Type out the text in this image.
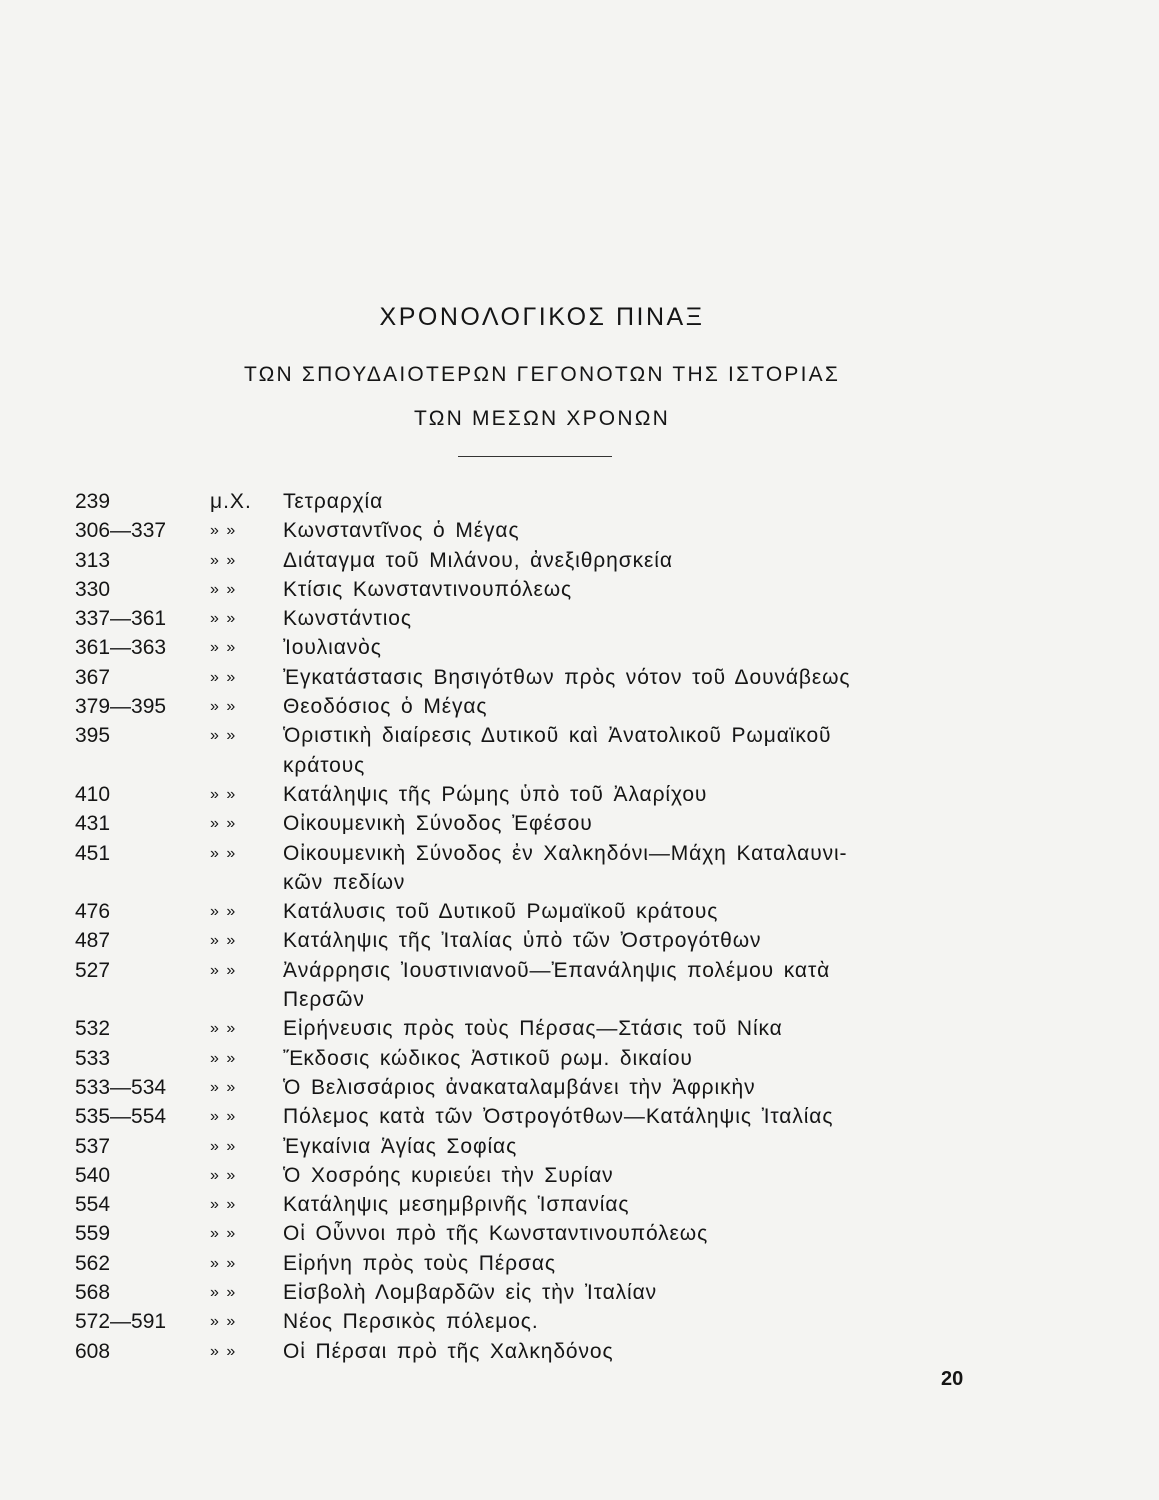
ΧΡΟΝΟΛΟΓΙΚΟΣ ΠΙΝΑΞ
ΤΩΝ ΣΠΟΥΔΑΙΟΤΕΡΩΝ ΓΕΓΟΝΟΤΩΝ ΤΗΣ ΙΣΤΟΡΙΑΣ
ΤΩΝ ΜΕΣΩΝ ΧΡΟΝΩΝ
239	μ.Χ.	Τετραρχία
306—337	» »	Κωνσταντῖνος ὁ Μέγας
313	» »	Διάταγμα τοῦ Μιλάνου, ἀνεξιθρησκεία
330	» »	Κτίσις Κωνσταντινουπόλεως
337—361	» »	Κωνστάντιος
361—363	» »	Ἰουλιανὸς
367	» »	Ἐγκατάστασις Βησιγότθων πρὸς νότον τοῦ Δουνάβεως
379—395	» »	Θεοδόσιος ὁ Μέγας
395	» »	Ὁριστικὴ διαίρεσις Δυτικοῦ καὶ Ἀνατολικοῦ Ρωμαϊκοῦ
κράτους
410	» »	Κατάληψις τῆς Ρώμης ὑπὸ τοῦ Ἀλαρίχου
431	» »	Οἰκουμενικὴ Σύνοδος Ἐφέσου
451	» »	Οἰκουμενικὴ Σύνοδος ἐν Χαλκηδόνι—Μάχη Καταλαυνι-
κῶν πεδίων
476	» »	Κατάλυσις τοῦ Δυτικοῦ Ρωμαϊκοῦ κράτους
487	» »	Κατάληψις τῆς Ἰταλίας ὑπὸ τῶν Ὀστρογότθων
527	» »	Ἀνάρρησις Ἰουστινιανοῦ—Ἐπανάληψις πολέμου κατὰ
Περσῶν
532	» »	Εἰρήνευσις πρὸς τοὺς Πέρσας—Στάσις τοῦ Νίκα
533	» »	Ἔκδοσις κώδικος Ἀστικοῦ ρωμ. δικαίου
533—534	» »	Ὁ Βελισσάριος ἀνακαταλαμβάνει τὴν Ἀφρικὴν
535—554	» »	Πόλεμος κατὰ τῶν Ὀστρογότθων—Κατάληψις Ἰταλίας
537	» »	Ἐγκαίνια Ἁγίας Σοφίας
540	» »	Ὁ Χοσρόης κυριεύει τὴν Συρίαν
554	» »	Κατάληψις μεσημβρινῆς Ἱσπανίας
559	» »	Οἱ Οὖννοι πρὸ τῆς Κωνσταντινουπόλεως
562	» »	Εἰρήνη πρὸς τοὺς Πέρσας
568	» »	Εἰσβολὴ Λομβαρδῶν εἰς τὴν Ἰταλίαν
572—591	» »	Νέος Περσικὸς πόλεμος.
608	» »	Οἱ Πέρσαι πρὸ τῆς Χαλκηδόνος
20
